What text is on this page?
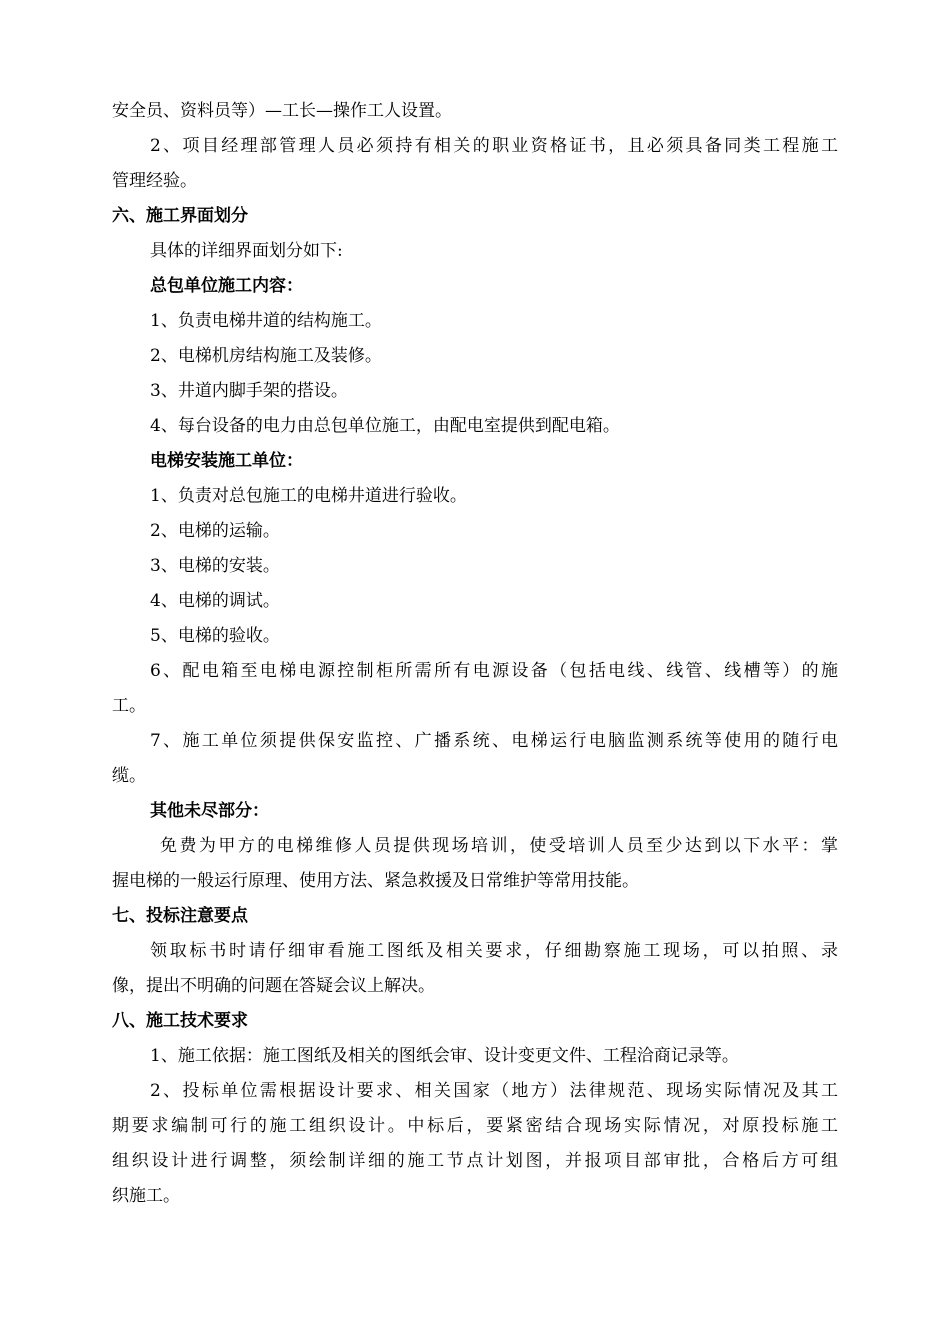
安全员、资料员等）—工长—操作工人设置。
2、项目经理部管理人员必须持有相关的职业资格证书，且必须具备同类工程施工
管理经验。
六、施工界面划分
具体的详细界面划分如下:
总包单位施工内容：
1、负责电梯井道的结构施工。
2、电梯机房结构施工及装修。
3、井道内脚手架的搭设。
4、每台设备的电力由总包单位施工，由配电室提供到配电箱。
电梯安装施工单位：
1、负责对总包施工的电梯井道进行验收。
2、电梯的运输。
3、电梯的安装。
4、电梯的调试。
5、电梯的验收。
6、配电箱至电梯电源控制柜所需所有电源设备（包括电线、线管、线槽等）的施
工。
7、施工单位须提供保安监控、广播系统、电梯运行电脑监测系统等使用的随行电
缆。
其他未尽部分：
免费为甲方的电梯维修人员提供现场培训，使受培训人员至少达到以下水平：掌
握电梯的一般运行原理、使用方法、紧急救援及日常维护等常用技能。
七、投标注意要点
领取标书时请仔细审看施工图纸及相关要求，仔细勘察施工现场，可以拍照、录
像，提出不明确的问题在答疑会议上解决。
八、施工技术要求
1、施工依据：施工图纸及相关的图纸会审、设计变更文件、工程洽商记录等。
2、投标单位需根据设计要求、相关国家（地方）法律规范、现场实际情况及其工
期要求编制可行的施工组织设计。中标后，要紧密结合现场实际情况，对原投标施工
组织设计进行调整，须绘制详细的施工节点计划图，并报项目部审批，合格后方可组
织施工。
